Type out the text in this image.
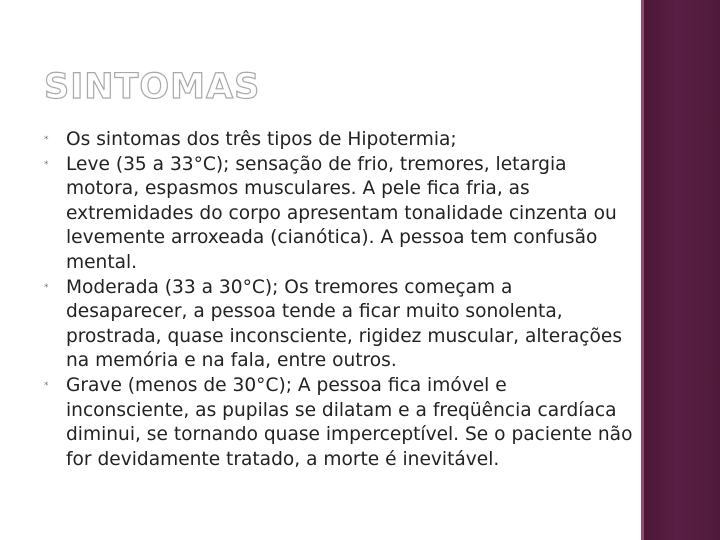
SINTOMAS
* Os sintomas dos três tipos de Hipotermia;
* Leve (35 a 33°C); sensação de frio, tremores, letargia motora, espasmos musculares. A pele fica fria, as extremidades do corpo apresentam tonalidade cinzenta ou levemente arroxeada (cianótica). A pessoa tem confusão mental.
* Moderada (33 a 30°C); Os tremores começam a desaparecer, a pessoa tende a ficar muito sonolenta, prostrada, quase inconsciente, rigidez muscular, alterações na memória e na fala, entre outros.
* Grave (menos de 30°C); A pessoa fica imóvel e inconsciente, as pupilas se dilatam e a freqüência cardíaca diminui, se tornando quase imperceptível. Se o paciente não for devidamente tratado, a morte é inevitável.
